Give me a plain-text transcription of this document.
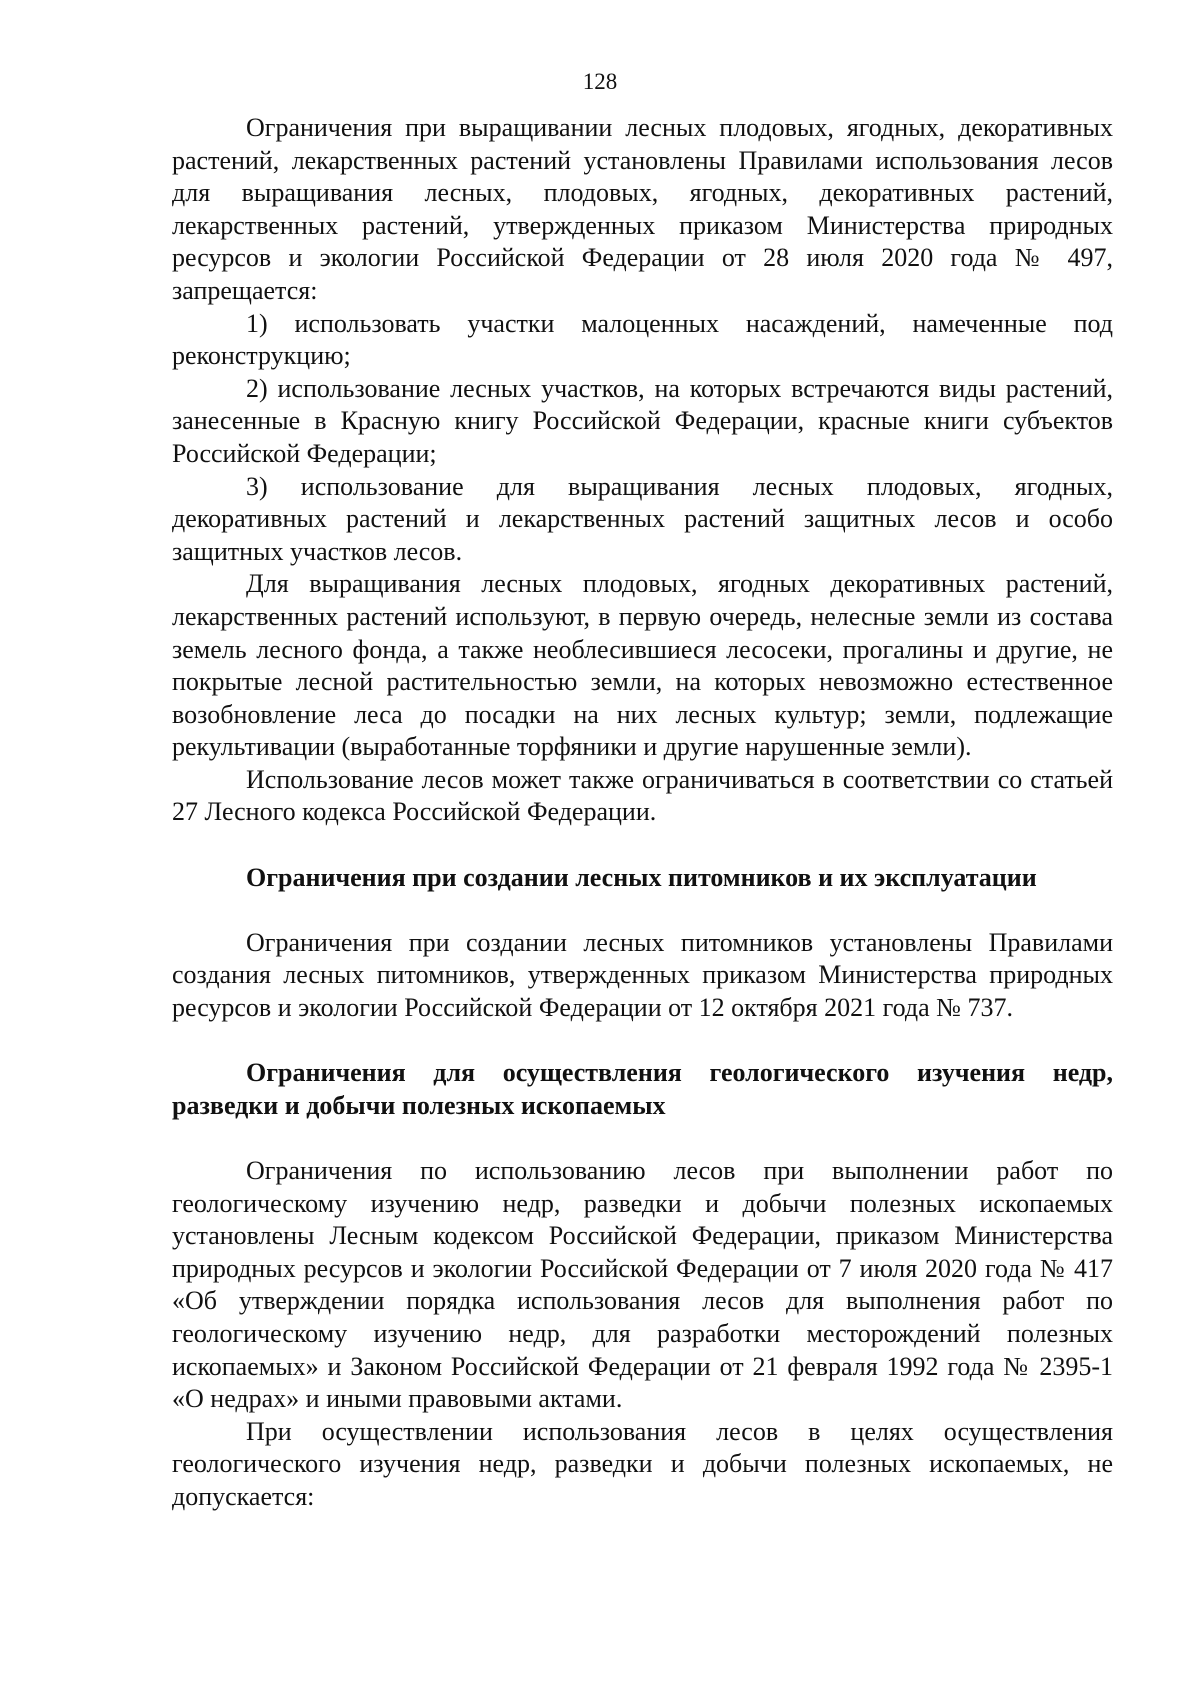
128

Ограничения при выращивании лесных плодовых, ягодных, декоративных растений, лекарственных растений установлены Правилами использования лесов для выращивания лесных, плодовых, ягодных, декоративных растений, лекарственных растений, утвержденных приказом Министерства природных ресурсов и экологии Российской Федерации от 28 июля 2020 года № 497, запрещается:

1) использовать участки малоценных насаждений, намеченные под реконструкцию;

2) использование лесных участков, на которых встречаются виды растений, занесенные в Красную книгу Российской Федерации, красные книги субъектов Российской Федерации;

3) использование для выращивания лесных плодовых, ягодных, декоративных растений и лекарственных растений защитных лесов и особо защитных участков лесов.

Для выращивания лесных плодовых, ягодных декоративных растений, лекарственных растений используют, в первую очередь, нелесные земли из состава земель лесного фонда, а также необлесившиеся лесосеки, прогалины и другие, не покрытые лесной растительностью земли, на которых невозможно естественное возобновление леса до посадки на них лесных культур; земли, подлежащие рекультивации (выработанные торфяники и другие нарушенные земли).

Использование лесов может также ограничиваться в соответствии со статьей 27 Лесного кодекса Российской Федерации.

Ограничения при создании лесных питомников и их эксплуатации

Ограничения при создании лесных питомников установлены Правилами создания лесных питомников, утвержденных приказом Министерства природных ресурсов и экологии Российской Федерации от 12 октября 2021 года № 737.

Ограничения для осуществления геологического изучения недр, разведки и добычи полезных ископаемых

Ограничения по использованию лесов при выполнении работ по геологическому изучению недр, разведки и добычи полезных ископаемых установлены Лесным кодексом Российской Федерации, приказом Министерства природных ресурсов и экологии Российской Федерации от 7 июля 2020 года № 417 «Об утверждении порядка использования лесов для выполнения работ по геологическому изучению недр, для разработки месторождений полезных ископаемых» и Законом Российской Федерации от 21 февраля 1992 года № 2395-1 «О недрах» и иными правовыми актами.

При осуществлении использования лесов в целях осуществления геологического изучения недр, разведки и добычи полезных ископаемых, не допускается:
